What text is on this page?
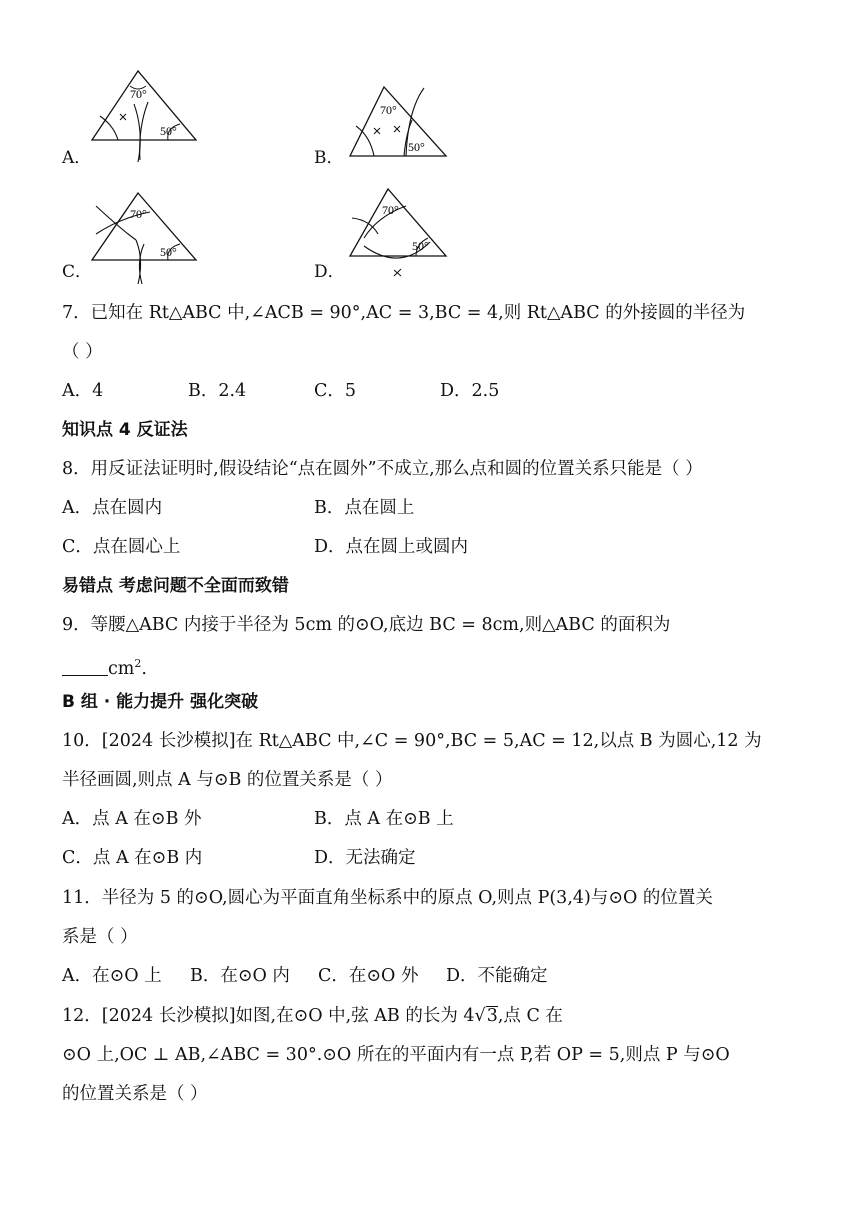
A．
70°
50°
B．
70°
50°
C．
70°
50°
D．
70°
50°
7．已知在 Rt△ABC 中,∠ACB = 90°,AC = 3,BC = 4,则 Rt△ABC 的外接圆的半径为
（ ）
A．4	B．2.4	C．5	D．2.5
知识点 4 反证法
8．用反证法证明时,假设结论“点在圆外”不成立,那么点和圆的位置关系只能是（ ）
A．点在圆内	B．点在圆上
C．点在圆心上	D．点在圆上或圆内
易错点 考虑问题不全面而致错
9．等腰△ABC 内接于半径为 5cm 的⊙O,底边 BC = 8cm,则△ABC 的面积为
$cm^2$.
B 组 · 能力提升 强化突破
10．[2024 长沙模拟]在 Rt△ABC 中,∠C = 90°,BC = 5,AC = 12,以点 B 为圆心,12 为
半径画圆,则点 A 与⊙B 的位置关系是（ ）
A．点 A 在⊙B 外	B．点 A 在⊙B 上
C．点 A 在⊙B 内	D．无法确定
11．半径为 5 的⊙O,圆心为平面直角坐标系中的原点 O,则点 P(3,4)与⊙O 的位置关
系是（ ）
A．在⊙O 上 B．在⊙O 内 C．在⊙O 外 D．不能确定
12．[2024 长沙模拟]如图,在⊙O 中,弦 AB 的长为 4√3,点 C 在
⊙O 上,OC ⊥ AB,∠ABC = 30°.⊙O 所在的平面内有一点 P,若 OP = 5,则点 P 与⊙O
的位置关系是（ ）
